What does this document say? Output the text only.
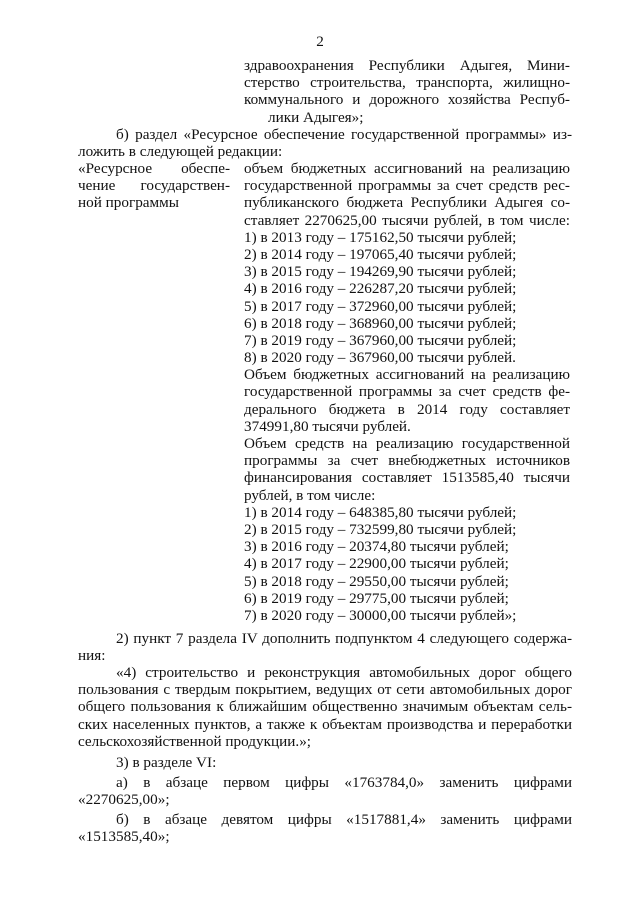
2
здравоохранения Республики Адыгея, Мини-
стерство строительства, транспорта, жилищно-
коммунального и дорожного хозяйства Респуб-
лики Адыгея»;
б) раздел «Ресурсное обеспечение государственной программы» из-
ложить в следующей редакции:
«Ресурсное обеспе-
чение государствен-
ной программы
объем бюджетных ассигнований на реализацию
государственной программы за счет средств рес-
публиканского бюджета Республики Адыгея со-
ставляет 2270625,00 тысячи рублей, в том числе:
1) в 2013 году – 175162,50 тысячи рублей;
2) в 2014 году – 197065,40 тысячи рублей;
3) в 2015 году – 194269,90 тысячи рублей;
4) в 2016 году – 226287,20 тысячи рублей;
5) в 2017 году – 372960,00 тысячи рублей;
6) в 2018 году – 368960,00 тысячи рублей;
7) в 2019 году – 367960,00 тысячи рублей;
8) в 2020 году – 367960,00 тысячи рублей.
Объем бюджетных ассигнований на реализацию
государственной программы за счет средств фе-
дерального бюджета в 2014 году составляет
374991,80 тысячи рублей.
Объем средств на реализацию государственной
программы за счет внебюджетных источников
финансирования составляет 1513585,40 тысячи
рублей, в том числе:
1) в 2014 году – 648385,80 тысячи рублей;
2) в 2015 году – 732599,80 тысячи рублей;
3) в 2016 году – 20374,80 тысячи рублей;
4) в 2017 году – 22900,00 тысячи рублей;
5) в 2018 году – 29550,00 тысячи рублей;
6) в 2019 году – 29775,00 тысячи рублей;
7) в 2020 году – 30000,00 тысячи рублей»;
2) пункт 7 раздела IV дополнить подпунктом 4 следующего содержа-
ния:
«4) строительство и реконструкция автомобильных дорог общего
пользования с твердым покрытием, ведущих от сети автомобильных дорог
общего пользования к ближайшим общественно значимым объектам сель-
ских населенных пунктов, а также к объектам производства и переработки
сельскохозяйственной продукции.»;
3) в разделе VI:
а) в абзаце первом цифры «1763784,0» заменить цифрами
«2270625,00»;
б) в абзаце девятом цифры «1517881,4» заменить цифрами
«1513585,40»;
